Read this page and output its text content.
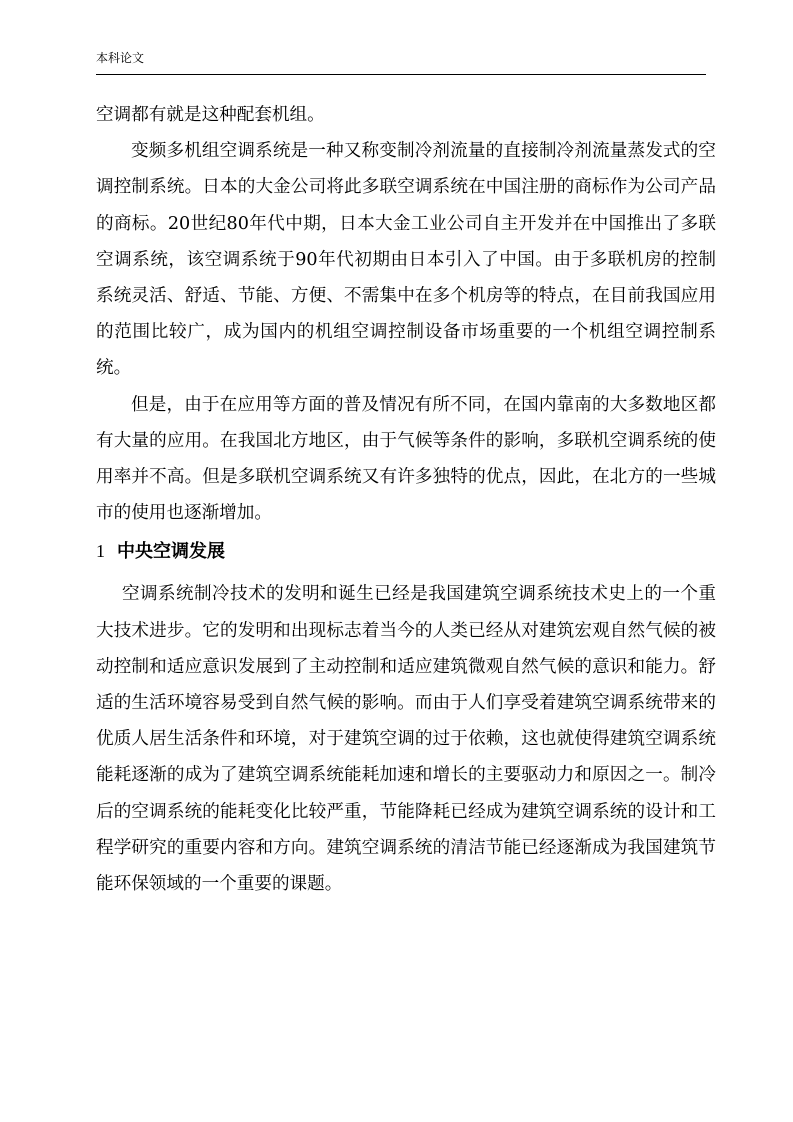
本科论文

空调都有就是这种配套机组。

变频多机组空调系统是一种又称变制冷剂流量的直接制冷剂流量蒸发式的空调控制系统。日本的大金公司将此多联空调系统在中国注册的商标作为公司产品的商标。20世纪80年代中期，日本大金工业公司自主开发并在中国推出了多联空调系统，该空调系统于90年代初期由日本引入了中国。由于多联机房的控制系统灵活、舒适、节能、方便、不需集中在多个机房等的特点，在目前我国应用的范围比较广，成为国内的机组空调控制设备市场重要的一个机组空调控制系统。

但是，由于在应用等方面的普及情况有所不同，在国内靠南的大多数地区都有大量的应用。在我国北方地区，由于气候等条件的影响，多联机空调系统的使用率并不高。但是多联机空调系统又有许多独特的优点，因此，在北方的一些城市的使用也逐渐增加。

1 中央空调发展

空调系统制冷技术的发明和诞生已经是我国建筑空调系统技术史上的一个重大技术进步。它的发明和出现标志着当今的人类已经从对建筑宏观自然气候的被动控制和适应意识发展到了主动控制和适应建筑微观自然气候的意识和能力。舒适的生活环境容易受到自然气候的影响。而由于人们享受着建筑空调系统带来的优质人居生活条件和环境，对于建筑空调的过于依赖，这也就使得建筑空调系统能耗逐渐的成为了建筑空调系统能耗加速和增长的主要驱动力和原因之一。制冷后的空调系统的能耗变化比较严重，节能降耗已经成为建筑空调系统的设计和工程学研究的重要内容和方向。建筑空调系统的清洁节能已经逐渐成为我国建筑节能环保领域的一个重要的课题。
